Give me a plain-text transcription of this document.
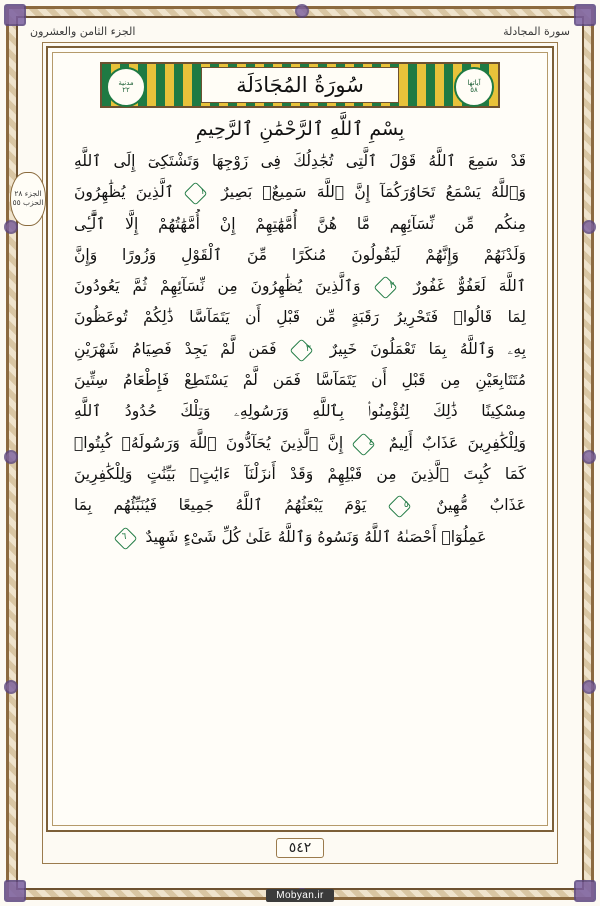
الجزء الثامن والعشرون	سورة المجادلة
الجزء ٢٨
الحزب ٥٥
مدنية
٢٢	سُورَةُ المُجَادَلَة	آياتها
٥٨
بِسْمِ ٱللَّهِ ٱلرَّحْمَٰنِ ٱلرَّحِيمِ
قَدْ سَمِعَ ٱللَّهُ قَوْلَ ٱلَّتِى تُجَٰدِلُكَ فِى زَوْجِهَا وَتَشْتَكِىٓ إِلَى ٱللَّهِ
وَٱللَّهُ يَسْمَعُ تَحَاوُرَكُمَآ إِنَّ ٱللَّهَ سَمِيعٌۢ بَصِيرٌ ١ ٱلَّذِينَ يُظَٰهِرُونَ
مِنكُم مِّن نِّسَآئِهِم مَّا هُنَّ أُمَّهَٰتِهِمْ إِنْ أُمَّهَٰتُهُمْ إِلَّا ٱلَّٰٓـِٔى
وَلَدْنَهُمْ وَإِنَّهُمْ لَيَقُولُونَ مُنكَرًا مِّنَ ٱلْقَوْلِ وَزُورًا وَإِنَّ
ٱللَّهَ لَعَفُوٌّ غَفُورٌ ٢ وَٱلَّذِينَ يُظَٰهِرُونَ مِن نِّسَآئِهِمْ ثُمَّ يَعُودُونَ
لِمَا قَالُوا۟ فَتَحْرِيرُ رَقَبَةٍ مِّن قَبْلِ أَن يَتَمَآسَّا ذَٰلِكُمْ تُوعَظُونَ
بِهِۦ وَٱللَّهُ بِمَا تَعْمَلُونَ خَبِيرٌ ٣ فَمَن لَّمْ يَجِدْ فَصِيَامُ شَهْرَيْنِ
مُتَتَابِعَيْنِ مِن قَبْلِ أَن يَتَمَآسَّا فَمَن لَّمْ يَسْتَطِعْ فَإِطْعَامُ سِتِّينَ
مِسْكِينًا ذَٰلِكَ لِتُؤْمِنُوا۟ بِٱللَّهِ وَرَسُولِهِۦ وَتِلْكَ حُدُودُ ٱللَّهِ
وَلِلْكَٰفِرِينَ عَذَابٌ أَلِيمٌ ٤ إِنَّ ٱلَّذِينَ يُحَآدُّونَ ٱللَّهَ وَرَسُولَهُۥ كُبِتُوا۟
كَمَا كُبِتَ ٱلَّذِينَ مِن قَبْلِهِمْ وَقَدْ أَنزَلْنَآ ءَايَٰتٍۭ بَيِّنَٰتٍ وَلِلْكَٰفِرِينَ
عَذَابٌ مُّهِينٌ ٥ يَوْمَ يَبْعَثُهُمُ ٱللَّهُ جَمِيعًا فَيُنَبِّئُهُم بِمَا
عَمِلُوٓا۟ أَحْصَىٰهُ ٱللَّهُ وَنَسُوهُ وَٱللَّهُ عَلَىٰ كُلِّ شَىْءٍ شَهِيدٌ ٦
٥٤٢
Mobyan.ir
